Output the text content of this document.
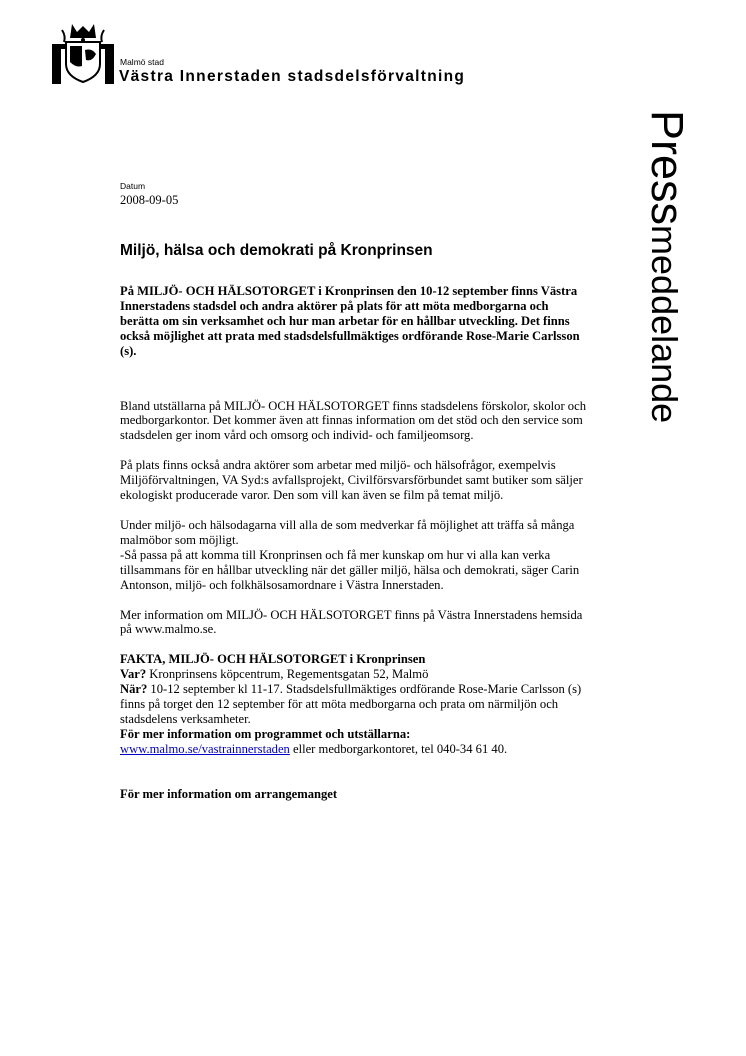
Malmö stad
Västra Innerstaden stadsdelsförvaltning
Pressmeddelande
Datum
2008-09-05
Miljö, hälsa och demokrati på Kronprinsen

På MILJÖ- OCH HÄLSOTORGET i Kronprinsen den 10-12 september finns Västra Innerstadens stadsdel och andra aktörer på plats för att möta medborgarna och berätta om sin verksamhet och hur man arbetar för en hållbar utveckling. Det finns också möjlighet att prata med stadsdelsfullmäktiges ordförande Rose-Marie Carlsson (s).

Bland utställarna på MILJÖ- OCH HÄLSOTORGET finns stadsdelens förskolor, skolor och medborgarkontor. Det kommer även att finnas information om det stöd och den service som stadsdelen ger inom vård och omsorg och individ- och familjeomsorg.

På plats finns också andra aktörer som arbetar med miljö- och hälsofrågor, exempelvis Miljöförvaltningen, VA Syd:s avfallsprojekt, Civilförsvarsförbundet samt butiker som säljer ekologiskt producerade varor. Den som vill kan även se film på temat miljö.

Under miljö- och hälsodagarna vill alla de som medverkar få möjlighet att träffa så många malmöbor som möjligt.

-Så passa på att komma till Kronprinsen och få mer kunskap om hur vi alla kan verka tillsammans för en hållbar utveckling när det gäller miljö, hälsa och demokrati, säger Carin Antonson, miljö- och folkhälsosamordnare i Västra Innerstaden.

Mer information om MILJÖ- OCH HÄLSOTORGET finns på Västra Innerstadens hemsida på www.malmo.se.

FAKTA, MILJÖ- OCH HÄLSOTORGET i Kronprinsen

Var? Kronprinsens köpcentrum, Regementsgatan 52, Malmö

När? 10-12 september kl 11-17. Stadsdelsfullmäktiges ordförande Rose-Marie Carlsson (s) finns på torget den 12 september för att möta medborgarna och prata om närmiljön och stadsdelens verksamheter.

För mer information om programmet och utställarna:

www.malmo.se/vastrainnerstaden eller medborgarkontoret, tel 040-34 61 40.

För mer information om arrangemanget
